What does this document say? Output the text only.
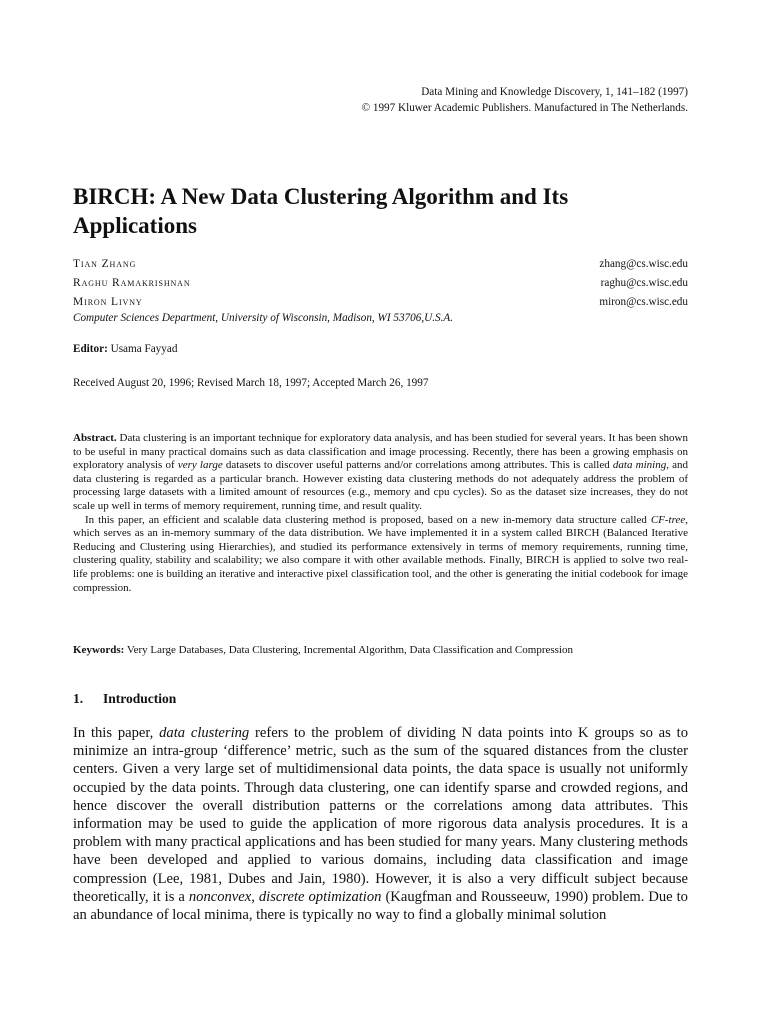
Data Mining and Knowledge Discovery, 1, 141–182 (1997)
© 1997 Kluwer Academic Publishers. Manufactured in The Netherlands.
BIRCH: A New Data Clustering Algorithm and Its Applications
Tian Zhang	zhang@cs.wisc.edu
Raghu Ramakrishnan	raghu@cs.wisc.edu
Miron Livny	miron@cs.wisc.edu
Computer Sciences Department, University of Wisconsin, Madison, WI 53706,U.S.A.
Editor: Usama Fayyad
Received August 20, 1996; Revised March 18, 1997; Accepted March 26, 1997

Abstract. Data clustering is an important technique for exploratory data analysis, and has been studied for several years. It has been shown to be useful in many practical domains such as data classification and image processing. Recently, there has been a growing emphasis on exploratory analysis of very large datasets to discover useful patterns and/or correlations among attributes. This is called data mining, and data clustering is regarded as a particular branch. However existing data clustering methods do not adequately address the problem of processing large datasets with a limited amount of resources (e.g., memory and cpu cycles). So as the dataset size increases, they do not scale up well in terms of memory requirement, running time, and result quality.

In this paper, an efficient and scalable data clustering method is proposed, based on a new in-memory data structure called CF-tree, which serves as an in-memory summary of the data distribution. We have implemented it in a system called BIRCH (Balanced Iterative Reducing and Clustering using Hierarchies), and studied its performance extensively in terms of memory requirements, running time, clustering quality, stability and scalability; we also compare it with other available methods. Finally, BIRCH is applied to solve two real-life problems: one is building an iterative and interactive pixel classification tool, and the other is generating the initial codebook for image compression.

Keywords: Very Large Databases, Data Clustering, Incremental Algorithm, Data Classification and Compression
1. Introduction

In this paper, data clustering refers to the problem of dividing N data points into K groups so as to minimize an intra-group ‘difference’ metric, such as the sum of the squared distances from the cluster centers. Given a very large set of multidimensional data points, the data space is usually not uniformly occupied by the data points. Through data clustering, one can identify sparse and crowded regions, and hence discover the overall distribution patterns or the correlations among data attributes. This information may be used to guide the application of more rigorous data analysis procedures. It is a problem with many practical applications and has been studied for many years. Many clustering methods have been developed and applied to various domains, including data classification and image compression (Lee, 1981, Dubes and Jain, 1980). However, it is also a very difficult subject because theoretically, it is a nonconvex, discrete optimization (Kaugfman and Rousseeuw, 1990) problem. Due to an abundance of local minima, there is typically no way to find a globally minimal solution
